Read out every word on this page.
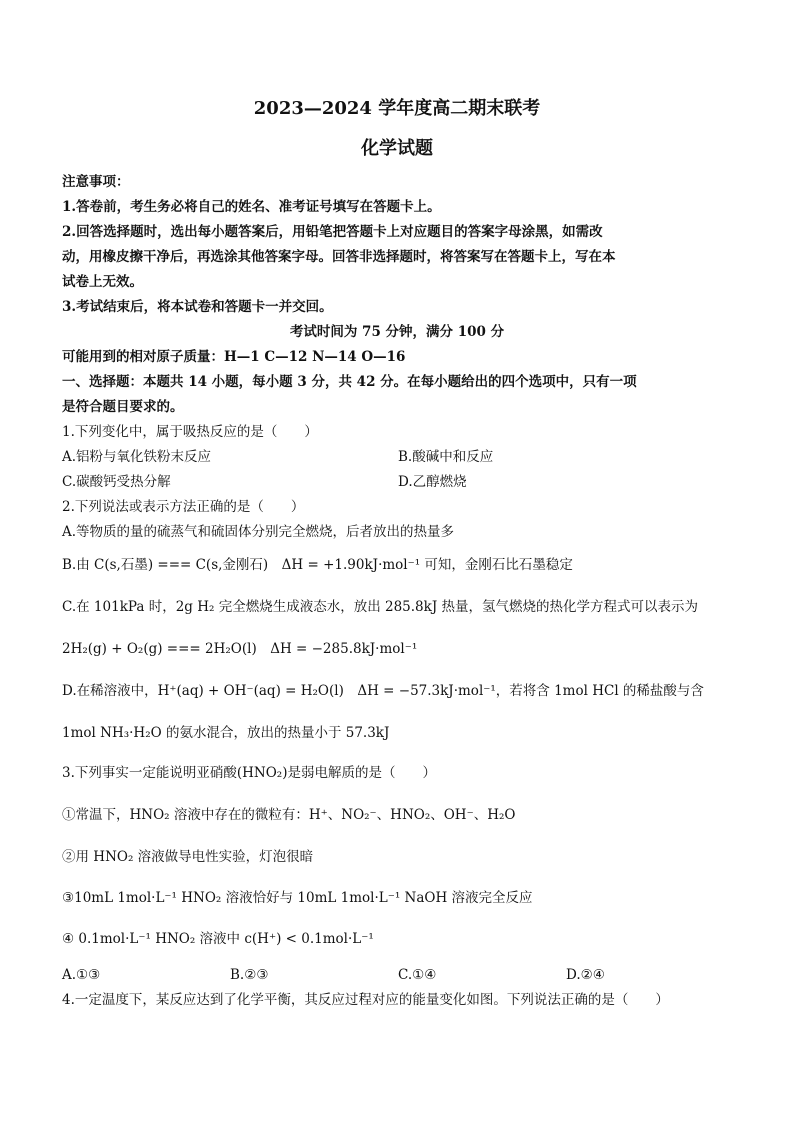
2023—2024 学年度高二期末联考
化学试题
注意事项：
1.答卷前，考生务必将自己的姓名、准考证号填写在答题卡上。
2.回答选择题时，选出每小题答案后，用铅笔把答题卡上对应题目的答案字母涂黑，如需改
动，用橡皮擦干净后，再选涂其他答案字母。回答非选择题时，将答案写在答题卡上，写在本
试卷上无效。
3.考试结束后，将本试卷和答题卡一并交回。
考试时间为 75 分钟，满分 100 分
可能用到的相对原子质量：H—1 C—12 N—14 O—16
一、选择题：本题共 14 小题，每小题 3 分，共 42 分。在每小题给出的四个选项中，只有一项
是符合题目要求的。
1.下列变化中，属于吸热反应的是（　　）
A.铝粉与氧化铁粉末反应	B.酸碱中和反应
C.碳酸钙受热分解	D.乙醇燃烧
2.下列说法或表示方法正确的是（　　）
A.等物质的量的硫蒸气和硫固体分别完全燃烧，后者放出的热量多
B.由 C(s,石墨) === C(s,金刚石)　ΔH = +1.90kJ·mol⁻¹ 可知，金刚石比石墨稳定
C.在 101kPa 时，2g H₂ 完全燃烧生成液态水，放出 285.8kJ 热量，氢气燃烧的热化学方程式可以表示为
2H₂(g) + O₂(g) === 2H₂O(l)　ΔH = −285.8kJ·mol⁻¹
D.在稀溶液中，H⁺(aq) + OH⁻(aq) = H₂O(l)　ΔH = −57.3kJ·mol⁻¹，若将含 1mol HCl 的稀盐酸与含
1mol NH₃·H₂O 的氨水混合，放出的热量小于 57.3kJ
3.下列事实一定能说明亚硝酸(HNO₂)是弱电解质的是（　　）
①常温下，HNO₂ 溶液中存在的微粒有：H⁺、NO₂⁻、HNO₂、OH⁻、H₂O
②用 HNO₂ 溶液做导电性实验，灯泡很暗
③10mL 1mol·L⁻¹ HNO₂ 溶液恰好与 10mL 1mol·L⁻¹ NaOH 溶液完全反应
④ 0.1mol·L⁻¹ HNO₂ 溶液中 c(H⁺) < 0.1mol·L⁻¹
A.①③	B.②③	C.①④	D.②④
4.一定温度下，某反应达到了化学平衡，其反应过程对应的能量变化如图。下列说法正确的是（　　）
